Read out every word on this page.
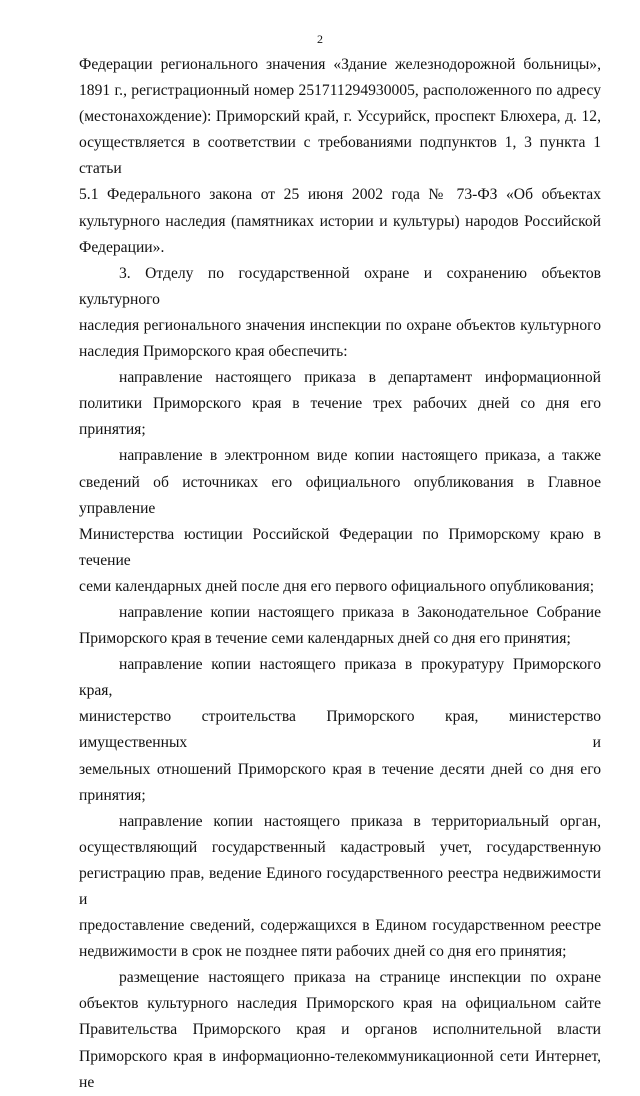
2

Федерации регионального значения «Здание железнодорожной больницы»,

1891 г., регистрационный номер 251711294930005, расположенного по адресу

(местонахождение): Приморский край, г. Уссурийск, проспект Блюхера, д. 12,

осуществляется в соответствии с требованиями подпунктов 1, 3 пункта 1 статьи

5.1 Федерального закона от 25 июня 2002 года № 73-ФЗ «Об объектах

культурного наследия (памятниках истории и культуры) народов Российской

Федерации».

3. Отделу по государственной охране и сохранению объектов культурного

наследия регионального значения инспекции по охране объектов культурного

наследия Приморского края обеспечить:

направление настоящего приказа в департамент информационной

политики Приморского края в течение трех рабочих дней со дня его принятия;

направление в электронном виде копии настоящего приказа, а также

сведений об источниках его официального опубликования в Главное управление

Министерства юстиции Российской Федерации по Приморскому краю в течение

семи календарных дней после дня его первого официального опубликования;

направление копии настоящего приказа в Законодательное Собрание

Приморского края в течение семи календарных дней со дня его принятия;

направление копии настоящего приказа в прокуратуру Приморского края,

министерство строительства Приморского края, министерство имущественных и

земельных отношений Приморского края в течение десяти дней со дня его

принятия;

направление копии настоящего приказа в территориальный орган,

осуществляющий государственный кадастровый учет, государственную

регистрацию прав, ведение Единого государственного реестра недвижимости и

предоставление сведений, содержащихся в Едином государственном реестре

недвижимости в срок не позднее пяти рабочих дней со дня его принятия;

размещение настоящего приказа на странице инспекции по охране

объектов культурного наследия Приморского края на официальном сайте

Правительства Приморского края и органов исполнительной власти

Приморского края в информационно-телекоммуникационной сети Интернет, не
